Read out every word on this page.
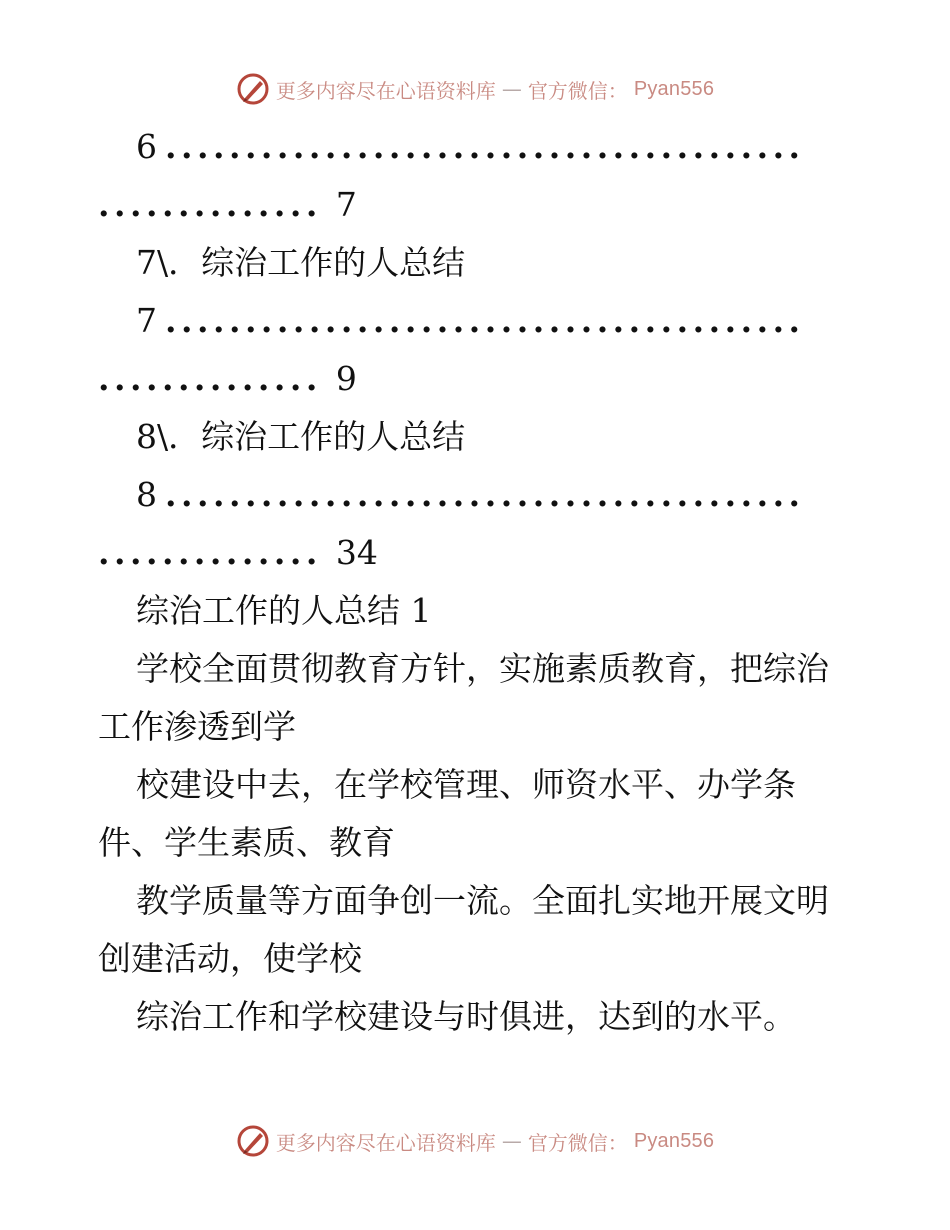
更多内容尽在心语资料库 — 官方微信： Pyan556
6 ........................................
.............. 7
7\．综治工作的人总结
7 ........................................
.............. 9
8\．综治工作的人总结
8 ........................................
.............. 34
综治工作的人总结 1
学校全面贯彻教育方针，实施素质教育，把综治
工作渗透到学
校建设中去，在学校管理、师资水平、办学条
件、学生素质、教育
教学质量等方面争创一流。全面扎实地开展文明
创建活动，使学校
综治工作和学校建设与时俱进，达到的水平。
更多内容尽在心语资料库 — 官方微信： Pyan556
